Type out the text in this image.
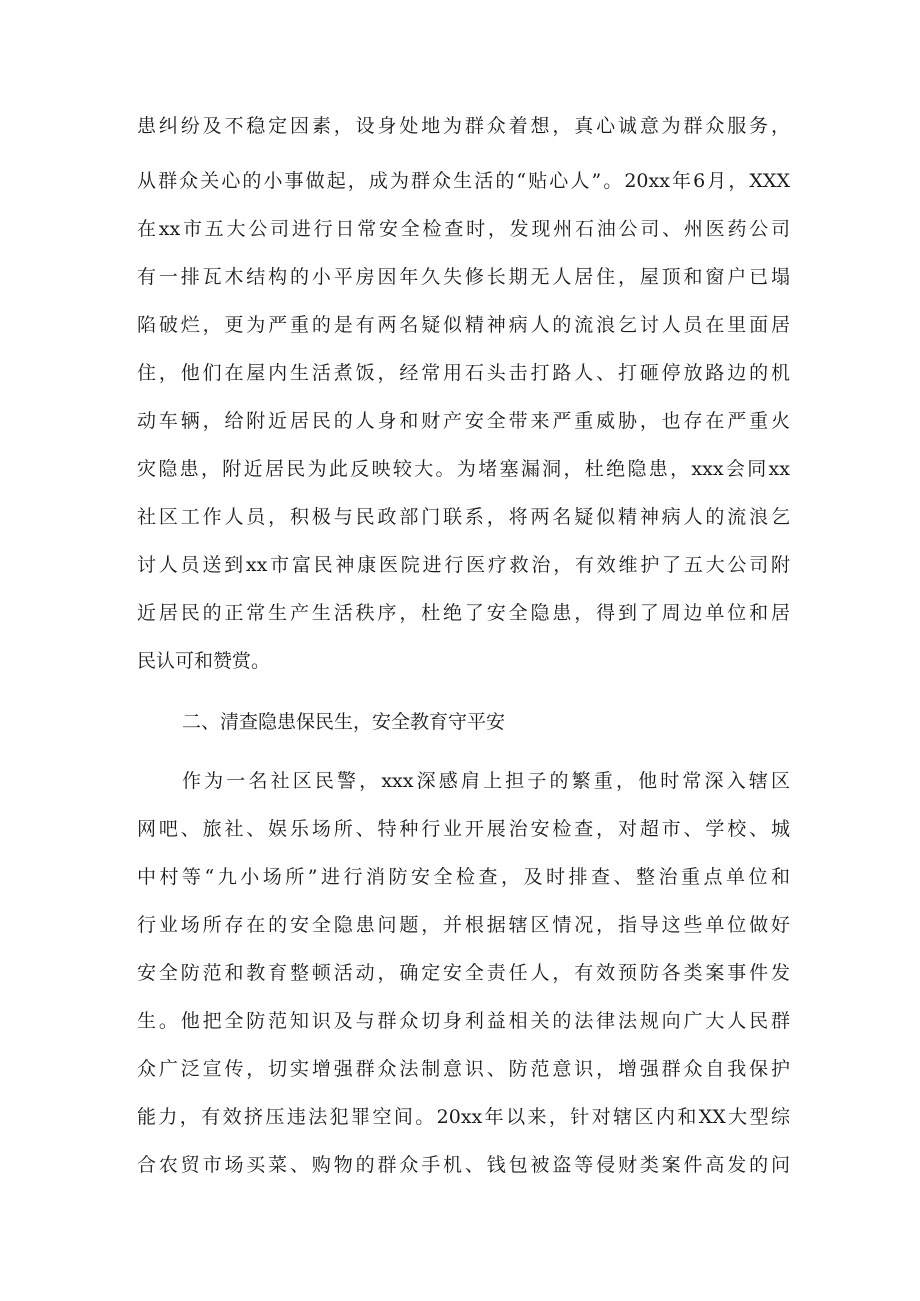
患纠纷及不稳定因素，设身处地为群众着想，真心诚意为群众服务，

从群众关心的小事做起，成为群众生活的“贴心人”。20xx年6月，XXX

在xx市五大公司进行日常安全检查时，发现州石油公司、州医药公司

有一排瓦木结构的小平房因年久失修长期无人居住，屋顶和窗户已塌

陷破烂，更为严重的是有两名疑似精神病人的流浪乞讨人员在里面居

住，他们在屋内生活煮饭，经常用石头击打路人、打砸停放路边的机

动车辆，给附近居民的人身和财产安全带来严重威胁，也存在严重火

灾隐患，附近居民为此反映较大。为堵塞漏洞，杜绝隐患，xxx会同xx

社区工作人员，积极与民政部门联系，将两名疑似精神病人的流浪乞

讨人员送到xx市富民神康医院进行医疗救治，有效维护了五大公司附

近居民的正常生产生活秩序，杜绝了安全隐患，得到了周边单位和居

民认可和赞赏。

二、清查隐患保民生，安全教育守平安

作为一名社区民警，xxx深感肩上担子的繁重，他时常深入辖区

网吧、旅社、娱乐场所、特种行业开展治安检查，对超市、学校、城

中村等“九小场所”进行消防安全检查，及时排查、整治重点单位和

行业场所存在的安全隐患问题，并根据辖区情况，指导这些单位做好

安全防范和教育整顿活动，确定安全责任人，有效预防各类案事件发

生。他把全防范知识及与群众切身利益相关的法律法规向广大人民群

众广泛宣传，切实增强群众法制意识、防范意识，增强群众自我保护

能力，有效挤压违法犯罪空间。20xx年以来，针对辖区内和XX大型综

合农贸市场买菜、购物的群众手机、钱包被盗等侵财类案件高发的问
